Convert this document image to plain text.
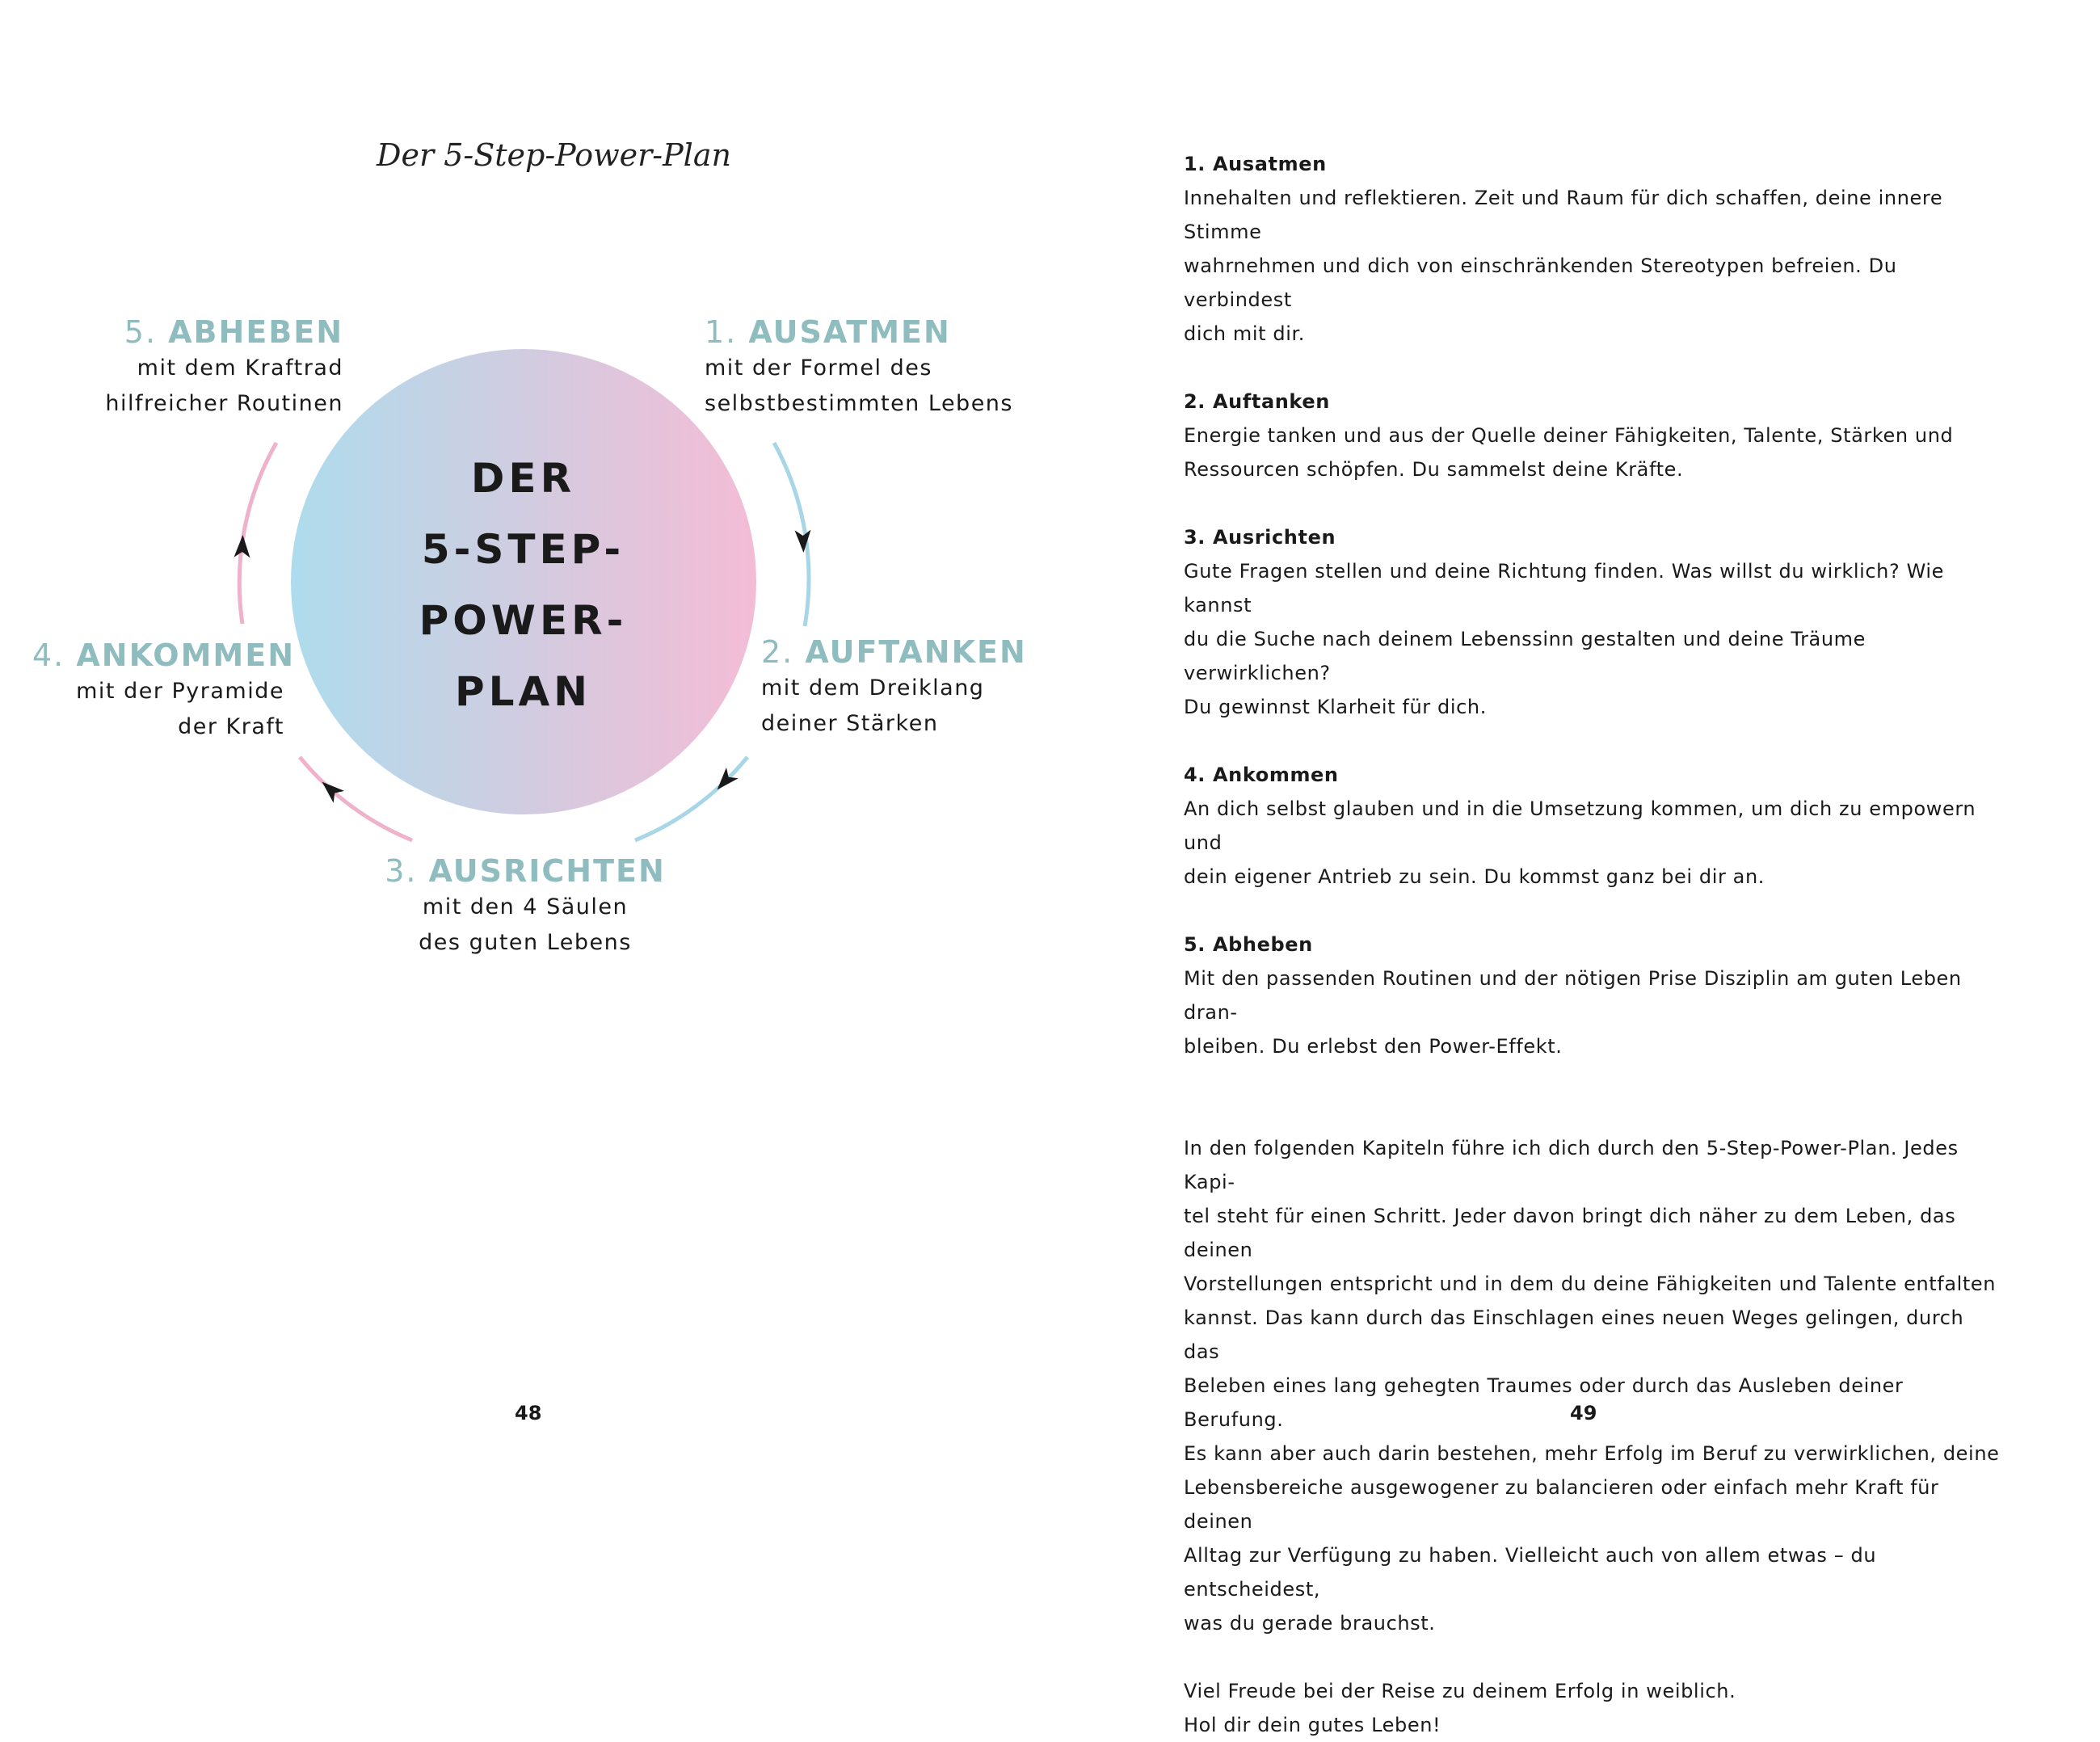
Der 5-Step-Power-Plan
DER
5-STEP-
POWER-
PLAN
1. AUSATMEN
mit der Formel des
selbstbestimmten Lebens
2. AUFTANKEN
mit dem Dreiklang
deiner Stärken
3. AUSRICHTEN
mit den 4 Säulen
des guten Lebens
4. ANKOMMEN
mit der Pyramide
der Kraft
5. ABHEBEN
mit dem Kraftrad
hilfreicher Routinen
48
1. Ausatmen
Innehalten und reflektieren. Zeit und Raum für dich schaffen, deine innere Stimme
wahrnehmen und dich von einschränkenden Stereotypen befreien. Du verbindest
dich mit dir.
2. Auftanken
Energie tanken und aus der Quelle deiner Fähigkeiten, Talente, Stärken und
Ressourcen schöpfen. Du sammelst deine Kräfte.
3. Ausrichten
Gute Fragen stellen und deine Richtung finden. Was willst du wirklich? Wie kannst
du die Suche nach deinem Lebenssinn gestalten und deine Träume verwirklichen?
Du gewinnst Klarheit für dich.
4. Ankommen
An dich selbst glauben und in die Umsetzung kommen, um dich zu empowern und
dein eigener Antrieb zu sein. Du kommst ganz bei dir an.
5. Abheben
Mit den passenden Routinen und der nötigen Prise Disziplin am guten Leben dran-
bleiben. Du erlebst den Power-Effekt.
In den folgenden Kapiteln führe ich dich durch den 5-Step-Power-Plan. Jedes Kapi-
tel steht für einen Schritt. Jeder davon bringt dich näher zu dem Leben, das deinen
Vorstellungen entspricht und in dem du deine Fähigkeiten und Talente entfalten
kannst. Das kann durch das Einschlagen eines neuen Weges gelingen, durch das
Beleben eines lang gehegten Traumes oder durch das Ausleben deiner Berufung.
Es kann aber auch darin bestehen, mehr Erfolg im Beruf zu verwirklichen, deine
Lebensbereiche ausgewogener zu balancieren oder einfach mehr Kraft für deinen
Alltag zur Verfügung zu haben. Vielleicht auch von allem etwas – du entscheidest,
was du gerade brauchst.
Viel Freude bei der Reise zu deinem Erfolg in weiblich.
Hol dir dein gutes Leben!
49
